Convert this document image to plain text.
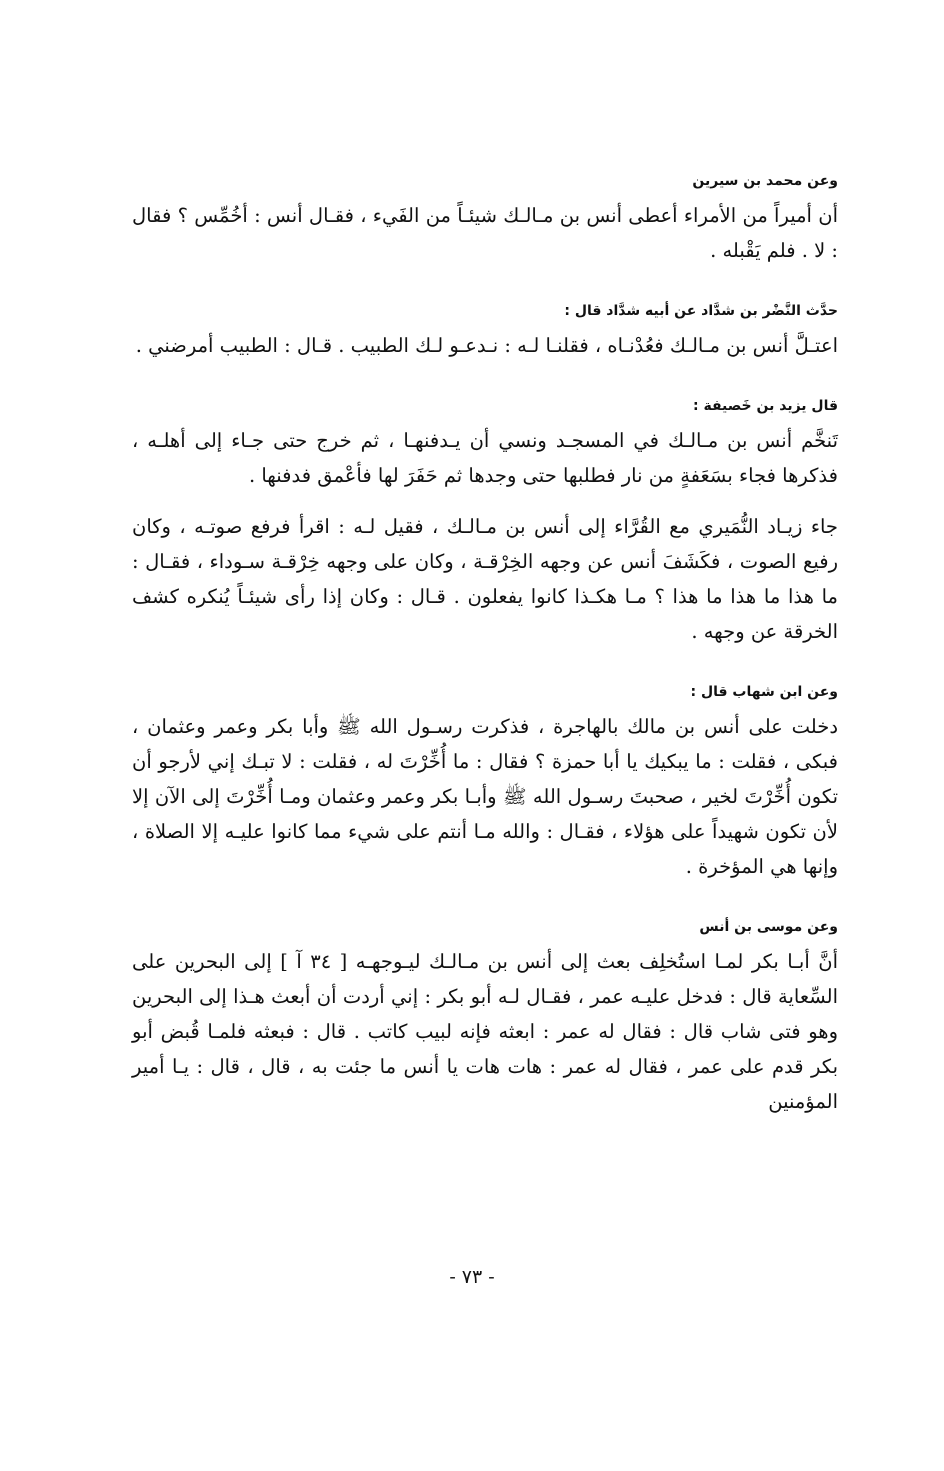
وعن محمد بن سيرين

أن أميراً من الأمراء أعطى أنس بن مـالـك شيئـاً من الفَيء ، فقـال أنس : أخُمِّس ؟ فقال : لا . فلم يَقْبله .

حدَّث النَّضْر بن شدَّاد عن أبيه شدَّاد قال :

اعتـلَّ أنس بن مـالـك فعُدْنـاه ، فقلنـا لـه : نـدعـو لـك الطبيب . قـال : الطبيب أمرضني .

قال يزيد بن خَصيفة :

تَنخَّم أنس بن مـالـك في المسجـد ونسي أن يـدفنهـا ، ثم خرج حتى جـاء إلى أهلـه ، فذكرها فجاء بسَعَفةٍ من نار فطلبها حتى وجدها ثم حَفَرَ لها فأعْمق فدفنها .

جاء زيـاد النُّمَيري مع القُرَّاء إلى أنس بن مـالـك ، فقيل لـه : اقرأ فرفع صوتـه ، وكان رفيع الصوت ، فكَشَفَ أنس عن وجهه الخِرْقـة ، وكان على وجهه خِرْقـة سـوداء ، فقـال : ما هذا ما هذا ما هذا ؟ مـا هكـذا كانوا يفعلون . قـال : وكان إذا رأى شيئـاً يُنكره كشف الخرقة عن وجهه .

وعن ابن شهاب قال :

دخلت على أنس بن مالك بالهاجرة ، فذكرت رسـول الله ﷺ وأبا بكر وعمر وعثمان ، فبكى ، فقلت : ما يبكيك يا أبا حمزة ؟ فقال : ما أُخِّرْتَ له ، فقلت : لا تبـك إني لأرجو أن تكون أُخِّرْتَ لخير ، صحبتَ رسـول الله ﷺ وأبـا بكر وعمر وعثمان ومـا أُخِّرْتَ إلى الآن إلا لأن تكون شهيداً على هؤلاء ، فقـال : والله مـا أنتم على شيء مما كانوا عليـه إلا الصلاة ، وإنها هي المؤخرة .

وعن موسى بن أنس

أنَّ أبـا بكر لمـا استُخلِف بعث إلى أنس بن مـالـك ليـوجهـه [ ٣٤ آ ] إلى البحرين على السِّعاية قال : فدخل عليـه عمر ، فقـال لـه أبو بكر : إني أردت أن أبعث هـذا إلى البحرين وهو فتى شاب قال : فقال له عمر : ابعثه فإنه لبيب كاتب . قال : فبعثه فلمـا قُبض أبو بكر قدم على عمر ، فقال له عمر : هات هات يا أنس ما جئت به ، قال ، قال : يـا أمير المؤمنين

- ٧٣ -
